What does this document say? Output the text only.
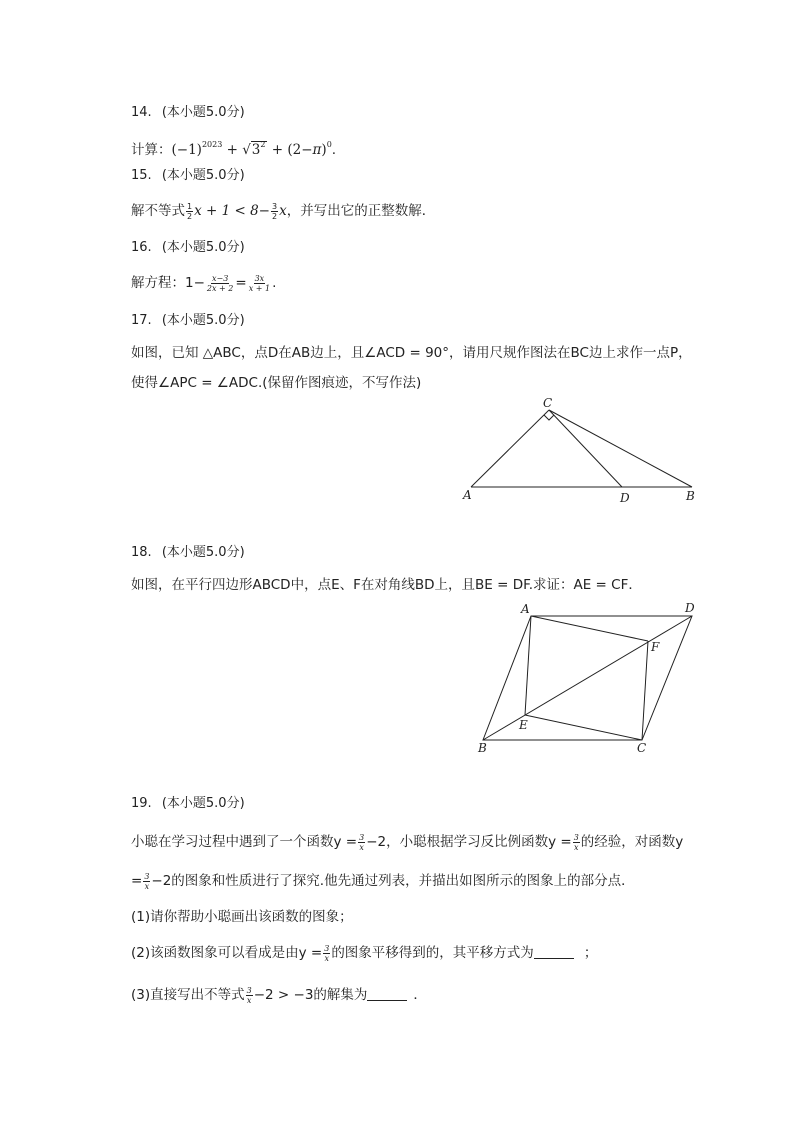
14. (本小题5.0分)
计算：$(-1)^{2023} + √3^2 + (2-\pi)^0$.
15. (本小题5.0分)
解不等式 $\frac{1}{2}$ $x + 1 < 8- \frac{3}{2}$ x，并写出它的正整数解．
16. (本小题5.0分)
解方程：$1- \frac{x-3}{2x + 2} = \frac{3x}{x + 1}$ .
17. (本小题5.0分)
如图，已知 △ABC，点D在AB边上，且∠ACD = 90°，请用尺规作图法在BC边上求作一点P，
使得∠APC = ∠ADC.(保留作图痕迹，不写作法)
C
A	D	B
18. (本小题5.0分)
如图，在平行四边形ABCD中，点E、F在对角线BD上，且BE = DF.求证：AE = CF．
A	D
F
E
B	C
19. (本小题5.0分)
小聪在学习过程中遇到了一个函数$y = \frac{3}{x} -2$，小聪根据学习反比例函数$y = \frac{3}{x}$ 的经验，对函数y
= $\frac{3}{x} -2$的图象和性质进行了探究.他先通过列表，并描出如图所示的图象上的部分点．
(1)请你帮助小聪画出该函数的图象；
(2)该函数图象可以看成是由$y = \frac{3}{x}$ 的图象平移得到的，其平移方式为	；
(3)直接写出不等式 $\frac{3}{x} -2 > -3$的解集为	．
